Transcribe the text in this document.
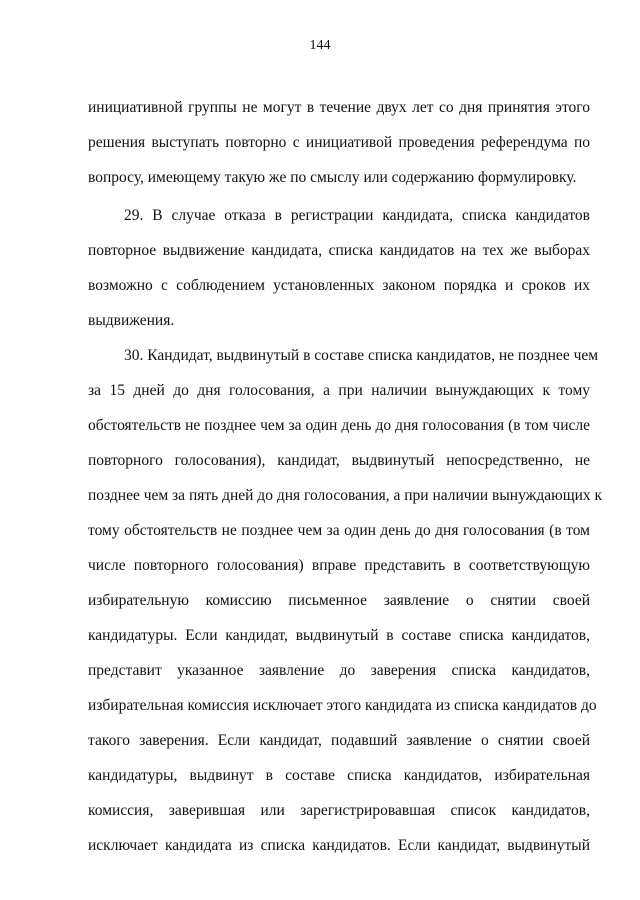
144
инициативной группы не могут в течение двух лет со дня принятия этого
решения выступать повторно с инициативой проведения референдума по
вопросу, имеющему такую же по смыслу или содержанию формулировку.
29. В случае отказа в регистрации кандидата, списка кандидатов
повторное выдвижение кандидата, списка кандидатов на тех же выборах
возможно с соблюдением установленных законом порядка и сроков их
выдвижения.
30. Кандидат, выдвинутый в составе списка кандидатов, не позднее чем
за 15 дней до дня голосования, а при наличии вынуждающих к тому
обстоятельств не позднее чем за один день до дня голосования (в том числе
повторного голосования), кандидат, выдвинутый непосредственно, не
позднее чем за пять дней до дня голосования, а при наличии вынуждающих к
тому обстоятельств не позднее чем за один день до дня голосования (в том
числе повторного голосования) вправе представить в соответствующую
избирательную комиссию письменное заявление о снятии своей
кандидатуры. Если кандидат, выдвинутый в составе списка кандидатов,
представит указанное заявление до заверения списка кандидатов,
избирательная комиссия исключает этого кандидата из списка кандидатов до
такого заверения. Если кандидат, подавший заявление о снятии своей
кандидатуры, выдвинут в составе списка кандидатов, избирательная
комиссия, заверившая или зарегистрировавшая список кандидатов,
исключает кандидата из списка кандидатов. Если кандидат, выдвинутый
